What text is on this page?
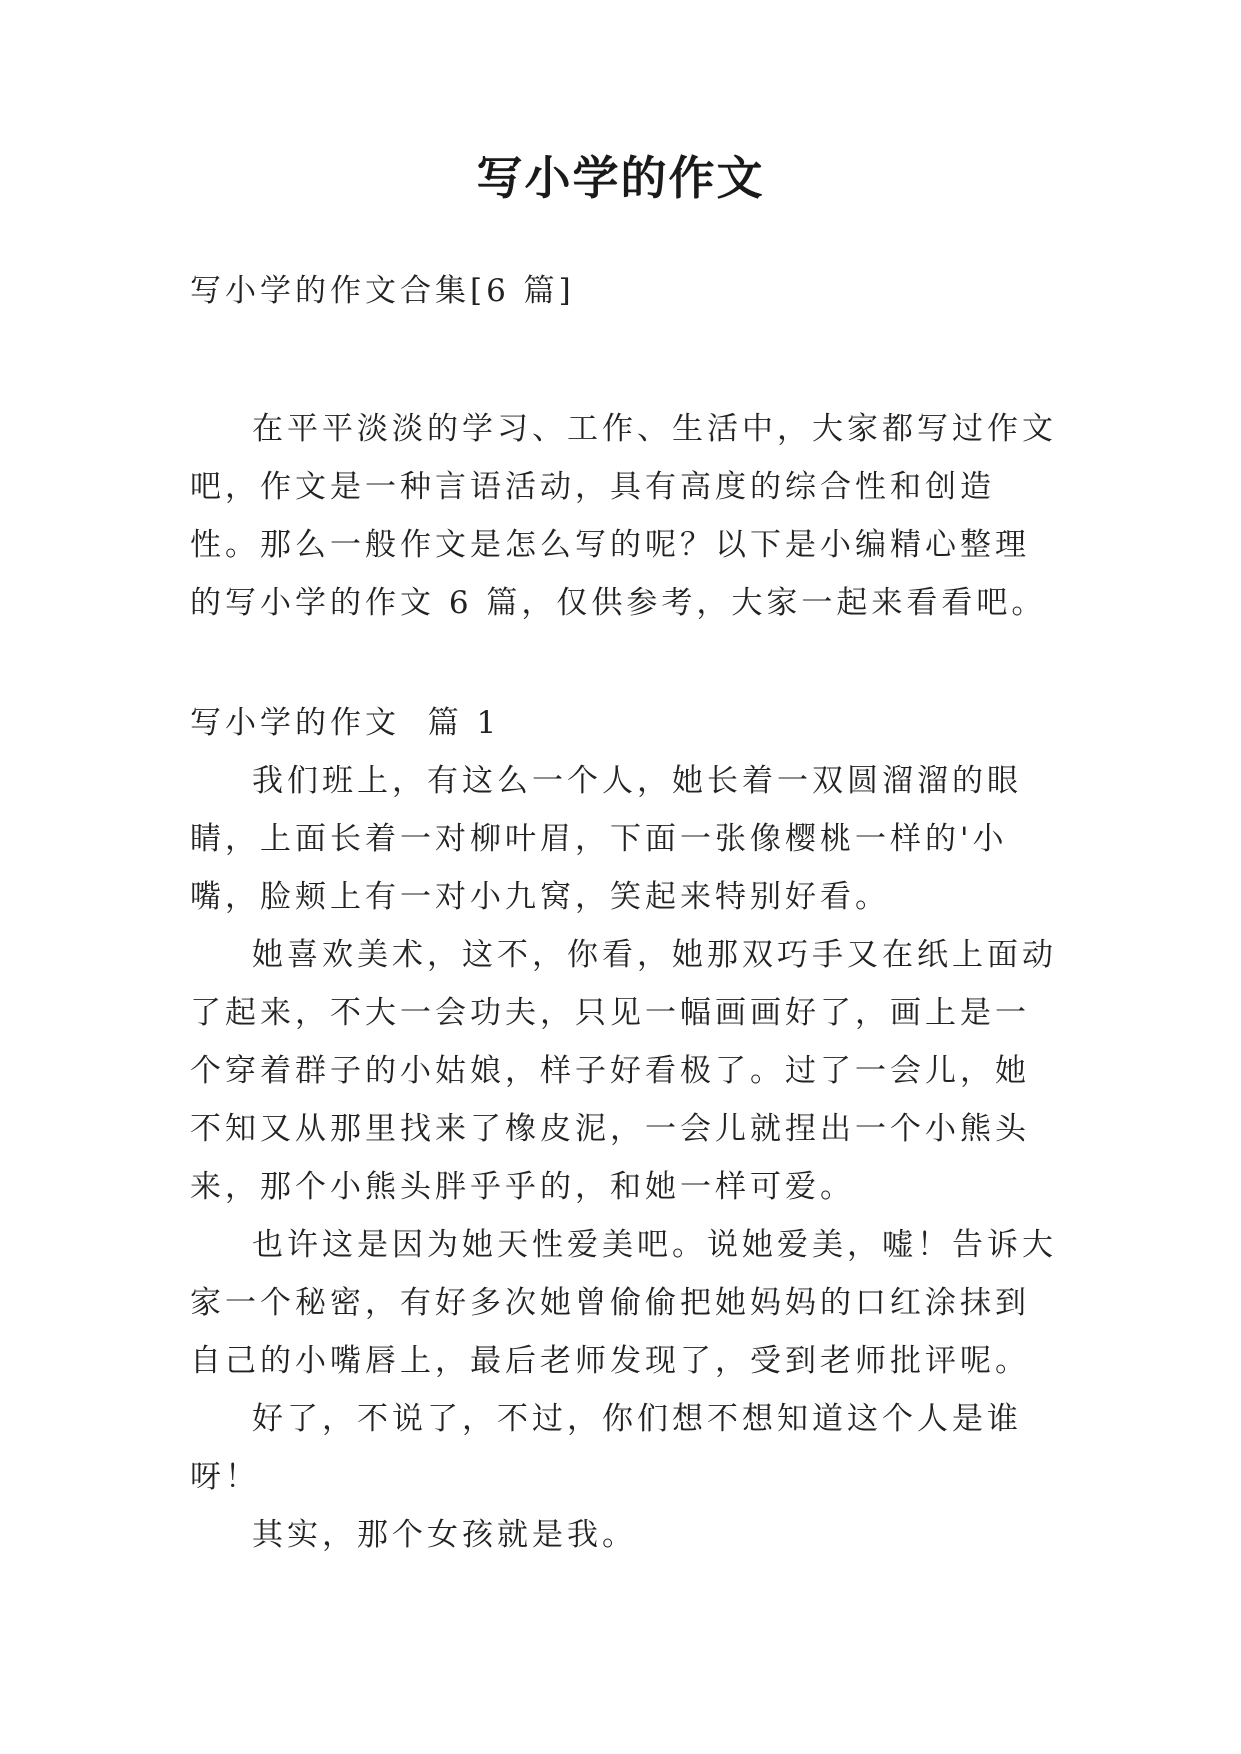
写小学的作文
写小学的作文合集[6 篇]

在平平淡淡的学习、工作、生活中，大家都写过作文吧，作文是一种言语活动，具有高度的综合性和创造性。那么一般作文是怎么写的呢？以下是小编精心整理的写小学的作文 6 篇，仅供参考，大家一起来看看吧。

写小学的作文  篇 1

我们班上，有这么一个人，她长着一双圆溜溜的眼睛，上面长着一对柳叶眉，下面一张像樱桃一样的'小嘴，脸颊上有一对小九窝，笑起来特别好看。

她喜欢美术，这不，你看，她那双巧手又在纸上面动了起来，不大一会功夫，只见一幅画画好了，画上是一个穿着群子的小姑娘，样子好看极了。过了一会儿，她不知又从那里找来了橡皮泥，一会儿就捏出一个小熊头来，那个小熊头胖乎乎的，和她一样可爱。

也许这是因为她天性爱美吧。说她爱美，嘘！告诉大家一个秘密，有好多次她曾偷偷把她妈妈的口红涂抹到自己的小嘴唇上，最后老师发现了，受到老师批评呢。

好了，不说了，不过，你们想不想知道这个人是谁呀！

其实，那个女孩就是我。
